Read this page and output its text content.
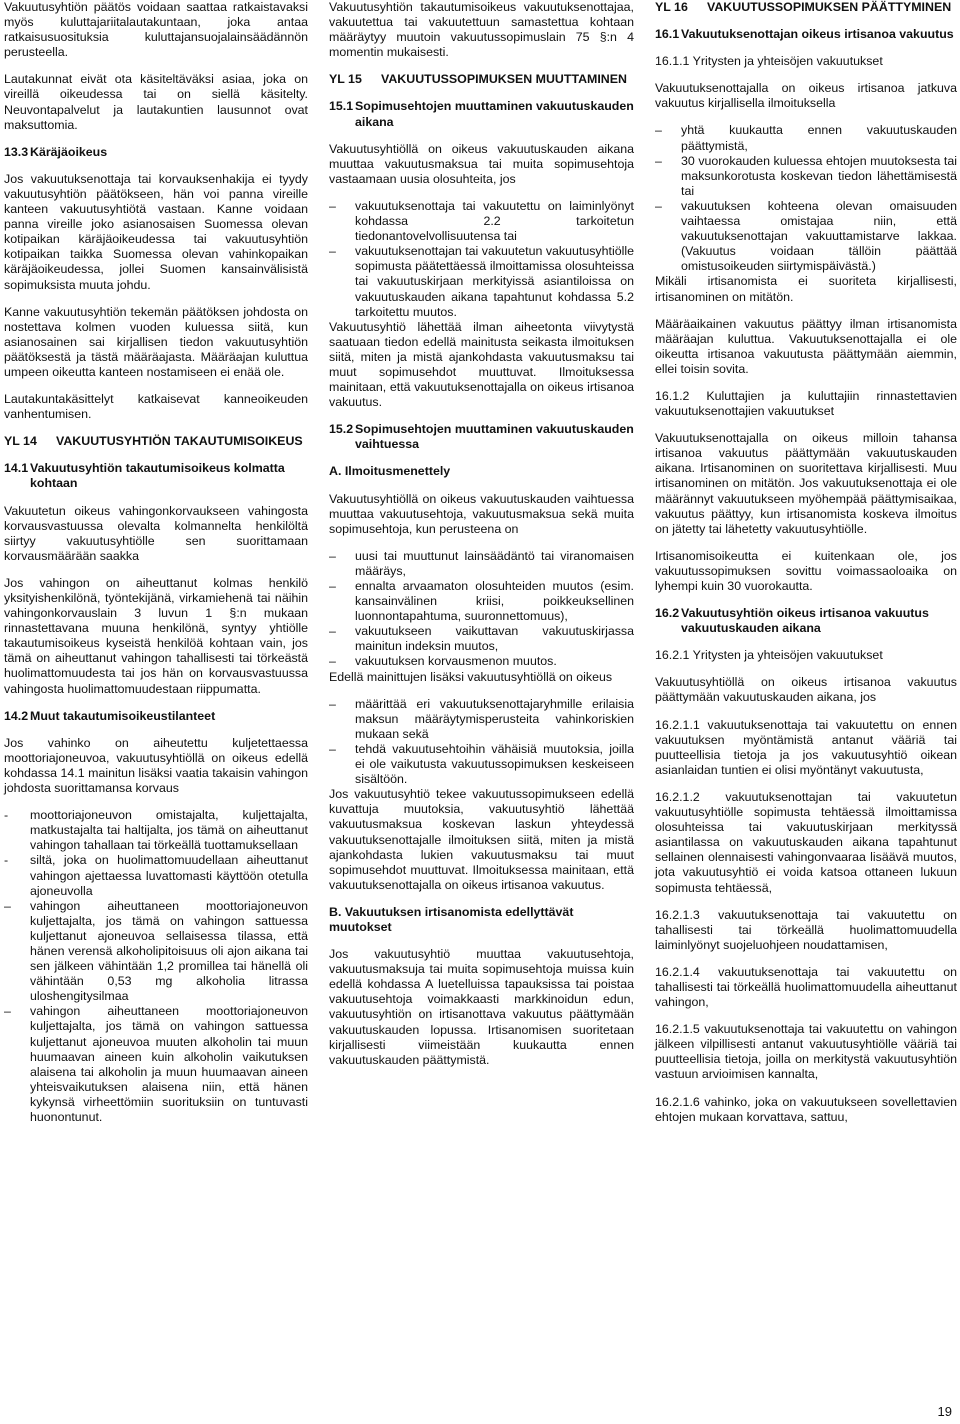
Vakuutusyhtiön päätös voidaan saattaa ratkaistavaksi myös kuluttajariitalautakuntaan, joka antaa ratkaisusuosituksia kuluttajansuojalainsäädännön perusteella.
Lautakunnat eivät ota käsiteltäväksi asiaa, joka on vireillä oikeudessa tai on siellä käsitelty. Neuvontapalvelut ja lautakuntien lausunnot ovat maksuttomia.
13.3 Käräjäoikeus
Jos vakuutuksenottaja tai korvauksenhakija ei tyydy vakuutusyhtiön päätökseen, hän voi panna vireille kanteen vakuutusyhtiötä vastaan. Kanne voidaan panna vireille joko asianosaisen Suomessa olevan kotipaikan käräjäoikeudessa tai vakuutusyhtiön kotipaikan taikka Suomessa olevan vahinkopaikan käräjäoikeudessa, jollei Suomen kansainvälisistä sopimuksista muuta johdu.
Kanne vakuutusyhtiön tekemän päätöksen johdosta on nostettava kolmen vuoden kuluessa siitä, kun asianosainen sai kirjallisen tiedon vakuutusyhtiön päätöksestä ja tästä määräajasta. Määräajan kuluttua umpeen oikeutta kanteen nostamiseen ei enää ole.
Lautakuntakäsittelyt katkaisevat kanneoikeuden vanhentumisen.
YL 14	VAKUUTUSYHTIÖN TAKAUTUMISOIKEUS
14.1 Vakuutusyhtiön takautumisoikeus kolmatta kohtaan
Vakuutetun oikeus vahingonkorvaukseen vahingosta korvausvastuussa olevalta kolmannelta henkilöltä siirtyy vakuutusyhtiölle sen suorittamaan korvausmäärään saakka
Jos vahingon on aiheuttanut kolmas henkilö yksityishenkilönä, työntekijänä, virkamiehenä tai näihin vahingonkorvauslain 3 luvun 1 §:n mukaan rinnastettavana muuna henkilönä, syntyy yhtiölle takautumisoikeus kyseistä henkilöä kohtaan vain, jos tämä on aiheuttanut vahingon tahallisesti tai törkeästä huolimattomuudesta tai jos hän on korvausvastuussa vahingosta huolimattomuudestaan riippumatta.
14.2 Muut takautumisoikeustilanteet
Jos vahinko on aiheutettu kuljetettaessa moottoriajoneuvoa, vakuutusyhtiöllä on oikeus edellä kohdassa 14.1 mainitun lisäksi vaatia takaisin vahingon johdosta suorittamansa korvaus
- moottoriajoneuvon omistajalta, kuljettajalta, matkustajalta tai haltijalta, jos tämä on aiheuttanut vahingon tahallaan tai törkeällä tuottamuksellaan
- siltä, joka on huolimattomuudellaan aiheuttanut vahingon ajettaessa luvattomasti käyttöön otetulla ajoneuvolla
– vahingon aiheuttaneen moottoriajoneuvon kuljettajalta, jos tämä on vahingon sattuessa kuljettanut ajoneuvoa sellaisessa tilassa, että hänen verensä alkoholipitoisuus oli ajon aikana tai sen jälkeen vähintään 1,2 promillea tai hänellä oli vähintään 0,53 mg alkoholia litrassa uloshengitysilmaa
– vahingon aiheuttaneen moottoriajoneuvon kuljettajalta, jos tämä on vahingon sattuessa kuljettanut ajoneuvoa muuten alkoholin tai muun huumaavan aineen kuin alkoholin vaikutuksen alaisena tai alkoholin ja muun huumaavan aineen yhteisvaikutuksen alaisena niin, että hänen kykynsä virheettömiin suorituksiin on tuntuvasti huonontunut.
Vakuutusyhtiön takautumisoikeus vakuutuksenottajaa, vakuutettua tai vakuutettuun samastettua kohtaan määräytyy muutoin vakuutussopimuslain 75 §:n 4 momentin mukaisesti.
YL 15	VAKUUTUSSOPIMUKSEN MUUTTAMINEN
15.1 Sopimusehtojen muuttaminen vakuutuskauden aikana
Vakuutusyhtiöllä on oikeus vakuutuskauden aikana muuttaa vakuutusmaksua tai muita sopimusehtoja vastaamaan uusia olosuhteita, jos
– vakuutuksenottaja tai vakuutettu on laiminlyönyt kohdassa 2.2 tarkoitetun tiedonantovelvollisuutensa tai
– vakuutuksenottajan tai vakuutetun vakuutusyhtiölle sopimusta päätettäessä ilmoittamissa olosuhteissa tai vakuutuskirjaan merkityissä asiantiloissa on vakuutuskauden aikana tapahtunut kohdassa 5.2 tarkoitettu muutos.
Vakuutusyhtiö lähettää ilman aiheetonta viivytystä saatuaan tiedon edellä mainitusta seikasta ilmoituksen siitä, miten ja mistä ajankohdasta vakuutusmaksu tai muut sopimusehdot muuttuvat. Ilmoituksessa mainitaan, että vakuutuksenottajalla on oikeus irtisanoa vakuutus.
15.2 Sopimusehtojen muuttaminen vakuutuskauden vaihtuessa
A. Ilmoitusmenettely
Vakuutusyhtiöllä on oikeus vakuutuskauden vaihtuessa muuttaa vakuutusehtoja, vakuutusmaksua sekä muita sopimusehtoja, kun perusteena on
– uusi tai muuttunut lainsäädäntö tai viranomaisen määräys,
– ennalta arvaamaton olosuhteiden muutos (esim. kansainvälinen kriisi, poikkeuksellinen luonnontapahtuma, suuronnettomuus),
– vakuutukseen vaikuttavan vakuutuskirjassa mainitun indeksin muutos,
– vakuutuksen korvausmenon muutos.
Edellä mainittujen lisäksi vakuutusyhtiöllä on oikeus
– määrittää eri vakuutuksenottajaryhmille erilaisia maksun määräytymisperusteita vahinkoriskien mukaan sekä
– tehdä vakuutusehtoihin vähäisiä muutoksia, joilla ei ole vaikutusta vakuutussopimuksen keskeiseen sisältöön.
Jos vakuutusyhtiö tekee vakuutussopimukseen edellä kuvattuja muutoksia, vakuutusyhtiö lähettää vakuutusmaksua koskevan laskun yhteydessä vakuutuksenottajalle ilmoituksen siitä, miten ja mistä ajankohdasta lukien vakuutusmaksu tai muut sopimusehdot muuttuvat. Ilmoituksessa mainitaan, että vakuutuksenottajalla on oikeus irtisanoa vakuutus.
B. Vakuutuksen irtisanomista edellyttävät muutokset
Jos vakuutusyhtiö muuttaa vakuutusehtoja, vakuutusmaksuja tai muita sopimusehtoja muissa kuin edellä kohdassa A luetelluissa tapauksissa tai poistaa vakuutusehtoja voimakkaasti markkinoidun edun, vakuutusyhtiön on irtisanottava vakuutus päättymään vakuutuskauden lopussa. Irtisanomisen suoritetaan kirjallisesti viimeistään kuukautta ennen vakuutuskauden päättymistä.
YL 16	VAKUUTUSSOPIMUKSEN PÄÄTTYMINEN
16.1 Vakuutuksenottajan oikeus irtisanoa vakuutus
16.1.1 Yritysten ja yhteisöjen vakuutukset
Vakuutuksenottajalla on oikeus irtisanoa jatkuva vakuutus kirjallisella ilmoituksella
– yhtä kuukautta ennen vakuutuskauden päättymistä,
– 30 vuorokauden kuluessa ehtojen muutoksesta tai maksunkorotusta koskevan tiedon lähettämisestä tai
– vakuutuksen kohteena olevan omaisuuden vaihtaessa omistajaa niin, että vakuutuksenottajan vakuuttamistarve lakkaa. (Vakuutus voidaan tällöin päättää omistusoikeuden siirtymispäivästä.)
Mikäli irtisanomista ei suoriteta kirjallisesti, irtisanominen on mitätön.
Määräaikainen vakuutus päättyy ilman irtisanomista määräajan kuluttua. Vakuutuksenottajalla ei ole oikeutta irtisanoa vakuutusta päättymään aiemmin, ellei toisin sovita.
16.1.2 Kuluttajien ja kuluttajiin rinnastettavien vakuutuksenottajien vakuutukset
Vakuutuksenottajalla on oikeus milloin tahansa irtisanoa vakuutus päättymään vakuutuskauden aikana. Irtisanominen on suoritettava kirjallisesti. Muu irtisanominen on mitätön. Jos vakuutuksenottaja ei ole määrännyt vakuutukseen myöhempää päättymisaikaa, vakuutus päättyy, kun irtisanomista koskeva ilmoitus on jätetty tai lähetetty vakuutusyhtiölle.
Irtisanomisoikeutta ei kuitenkaan ole, jos vakuutussopimuksen sovittu voimassaoloaika on lyhempi kuin 30 vuorokautta.
16.2 Vakuutusyhtiön oikeus irtisanoa vakuutus vakuutuskauden aikana
16.2.1 Yritysten ja yhteisöjen vakuutukset
Vakuutusyhtiöllä on oikeus irtisanoa vakuutus päättymään vakuutuskauden aikana, jos
16.2.1.1 vakuutuksenottaja tai vakuutettu on ennen vakuutuksen myöntämistä antanut vääriä tai puutteellisia tietoja ja jos vakuutusyhtiö oikean asianlaidan tuntien ei olisi myöntänyt vakuutusta,
16.2.1.2 vakuutuksenottajan tai vakuutetun vakuutusyhtiölle sopimusta tehtäessä ilmoittamissa olosuhteissa tai vakuutuskirjaan merkityssä asiantilassa on vakuutuskauden aikana tapahtunut sellainen olennaisesti vahingonvaaraa lisäävä muutos, jota vakuutusyhtiö ei voida katsoa ottaneen lukuun sopimusta tehtäessä,
16.2.1.3 vakuutuksenottaja tai vakuutettu on tahallisesti tai törkeällä huolimattomuudella laiminlyönyt suojeluohjeen noudattamisen,
16.2.1.4 vakuutuksenottaja tai vakuutettu on tahallisesti tai törkeällä huolimattomuudella aiheuttanut vahingon,
16.2.1.5 vakuutuksenottaja tai vakuutettu on vahingon jälkeen vilpillisesti antanut vakuutusyhtiölle vääriä tai puutteellisia tietoja, joilla on merkitystä vakuutusyhtiön vastuun arvioimisen kannalta,
16.2.1.6 vahinko, joka on vakuutukseen sovellettavien ehtojen mukaan korvattava, sattuu,
19
